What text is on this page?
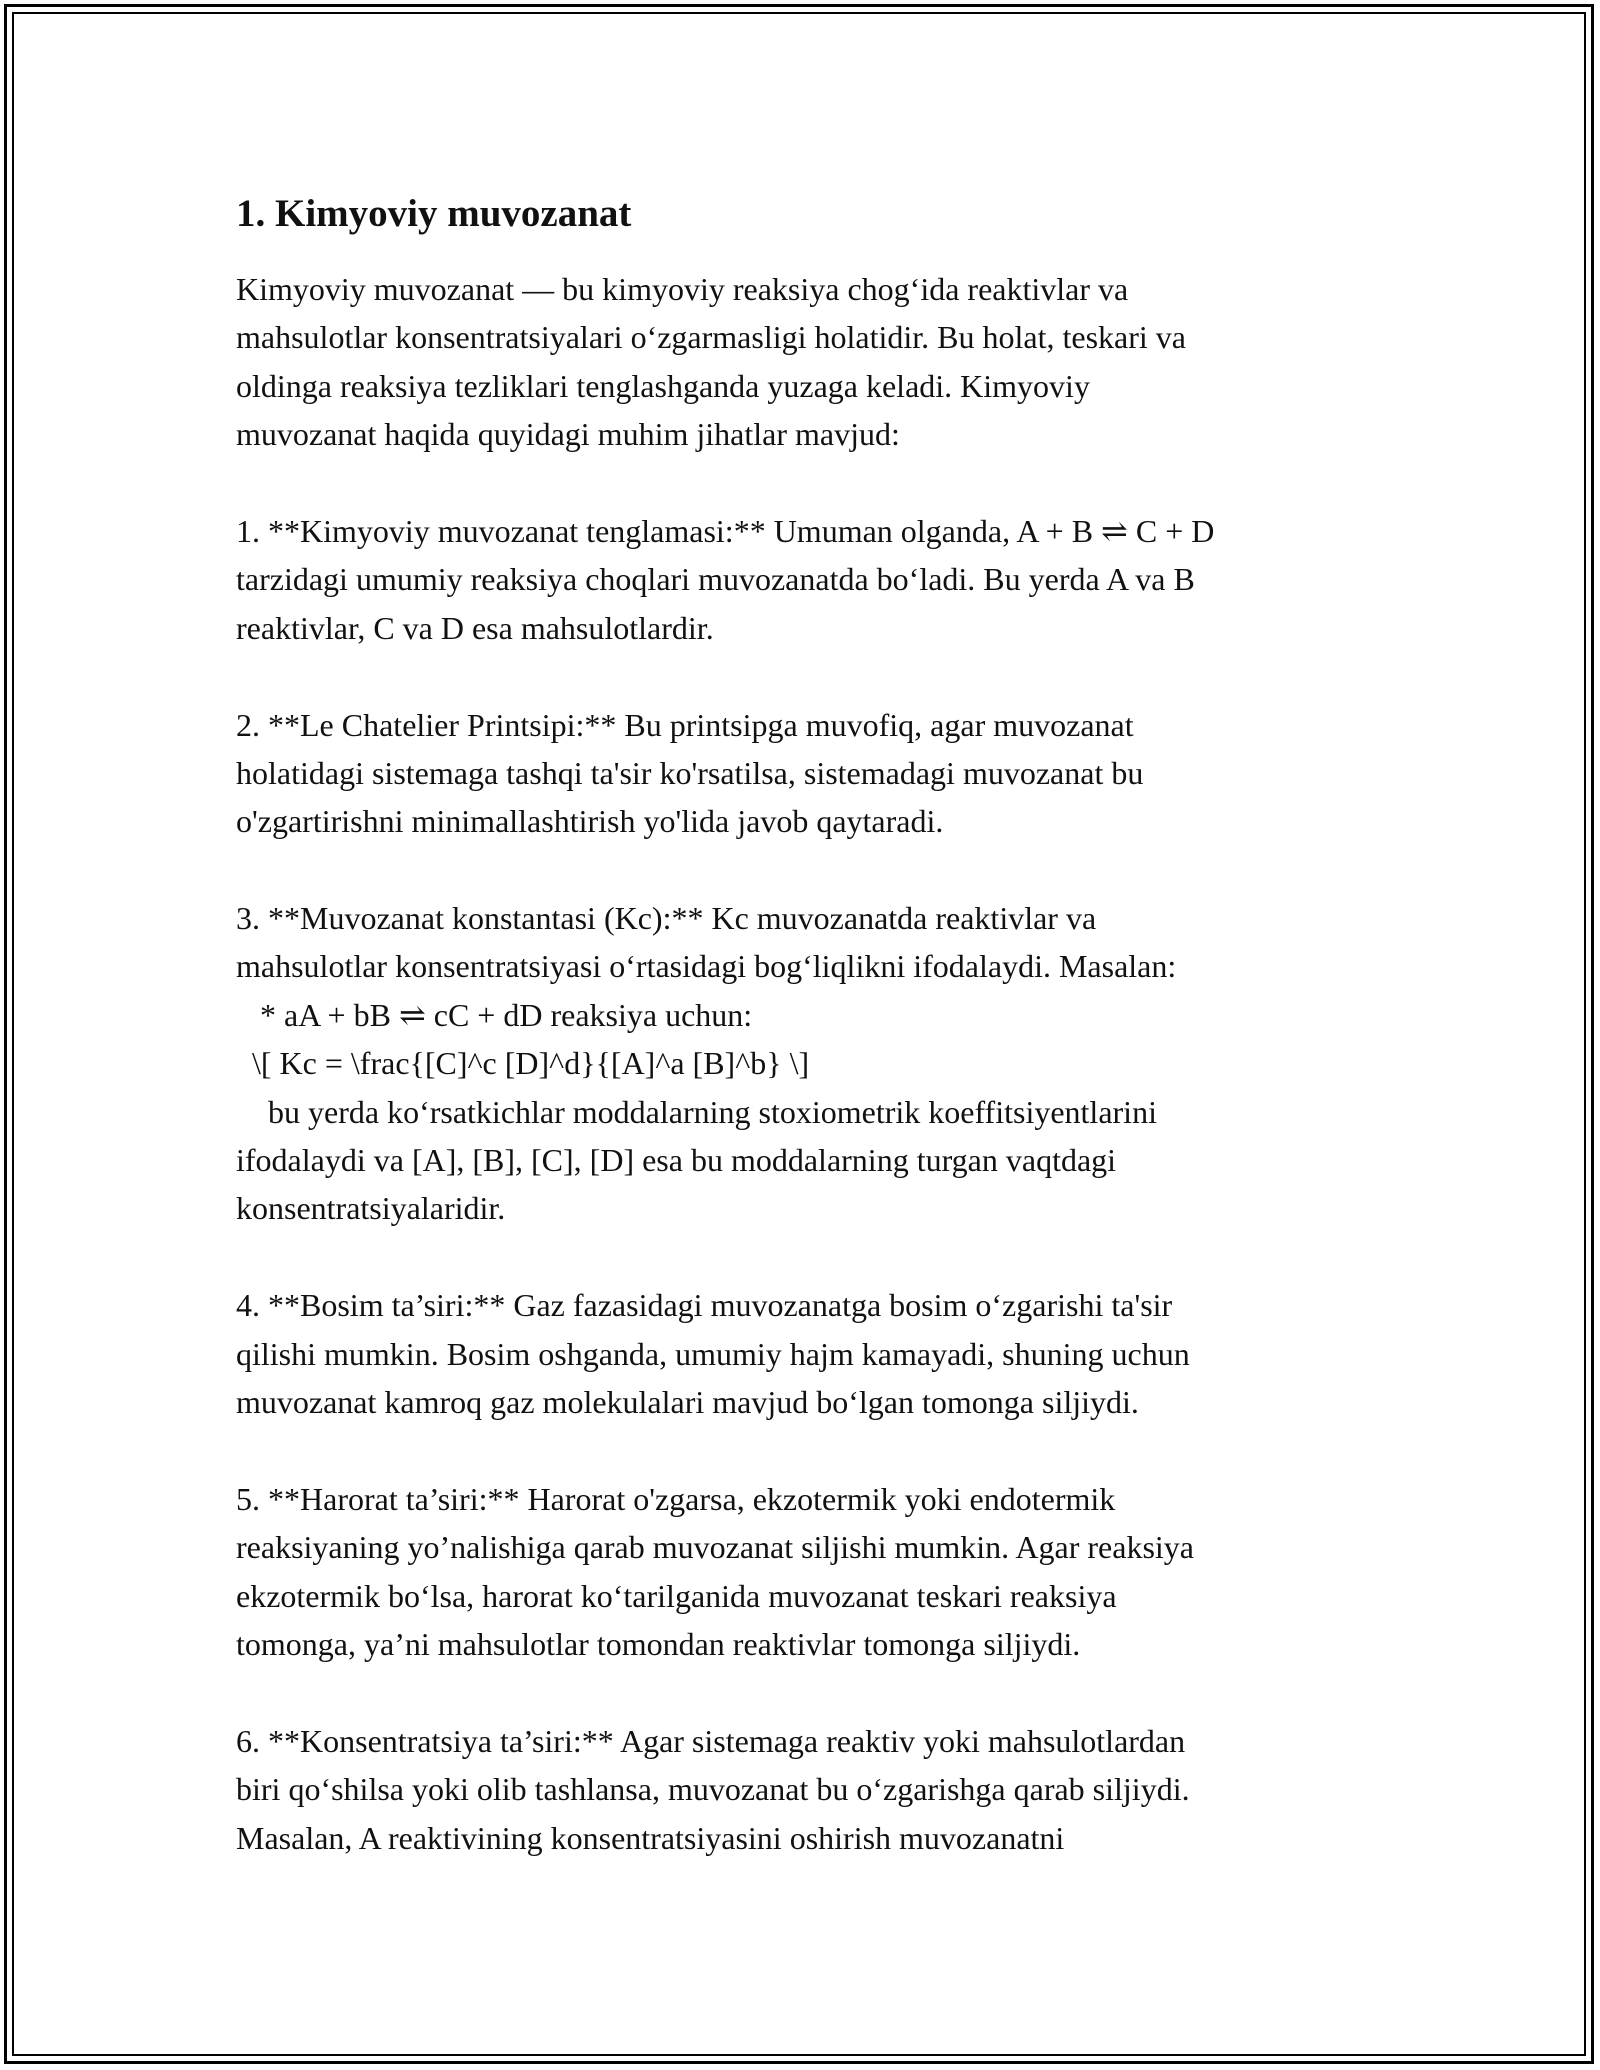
1. Kimyoviy muvozanat
Kimyoviy muvozanat — bu kimyoviy reaksiya chog‘ida reaktivlar va
mahsulotlar konsentratsiyalari o‘zgarmasligi holatidir. Bu holat, teskari va
oldinga reaksiya tezliklari tenglashganda yuzaga keladi. Kimyoviy
muvozanat haqida quyidagi muhim jihatlar mavjud:
1. **Kimyoviy muvozanat tenglamasi:** Umuman olganda, A + B ⇌ C + D
tarzidagi umumiy reaksiya choqlari muvozanatda bo‘ladi. Bu yerda A va B
reaktivlar, C va D esa mahsulotlardir.
2. **Le Chatelier Printsipi:** Bu printsipga muvofiq, agar muvozanat
holatidagi sistemaga tashqi ta'sir ko'rsatilsa, sistemadagi muvozanat bu
o'zgartirishni minimallashtirish yo'lida javob qaytaradi.
3. **Muvozanat konstantasi (Kc):** Kc muvozanatda reaktivlar va
mahsulotlar konsentratsiyasi o‘rtasidagi bog‘liqlikni ifodalaydi. Masalan:
* aA + bB ⇌ cC + dD reaksiya uchun:
\[ Kc = \frac{[C]^c [D]^d}{[A]^a [B]^b} \]
bu yerda ko‘rsatkichlar moddalarning stoxiometrik koeffitsiyentlarini
ifodalaydi va [A], [B], [C], [D] esa bu moddalarning turgan vaqtdagi
konsentratsiyalaridir.
4. **Bosim ta’siri:** Gaz fazasidagi muvozanatga bosim o‘zgarishi ta'sir
qilishi mumkin. Bosim oshganda, umumiy hajm kamayadi, shuning uchun
muvozanat kamroq gaz molekulalari mavjud bo‘lgan tomonga siljiydi.
5. **Harorat ta’siri:** Harorat o'zgarsa, ekzotermik yoki endotermik
reaksiyaning yo’nalishiga qarab muvozanat siljishi mumkin. Agar reaksiya
ekzotermik bo‘lsa, harorat ko‘tarilganida muvozanat teskari reaksiya
tomonga, ya’ni mahsulotlar tomondan reaktivlar tomonga siljiydi.
6. **Konsentratsiya ta’siri:** Agar sistemaga reaktiv yoki mahsulotlardan
biri qo‘shilsa yoki olib tashlansa, muvozanat bu o‘zgarishga qarab siljiydi.
Masalan, A reaktivining konsentratsiyasini oshirish muvozanatni
